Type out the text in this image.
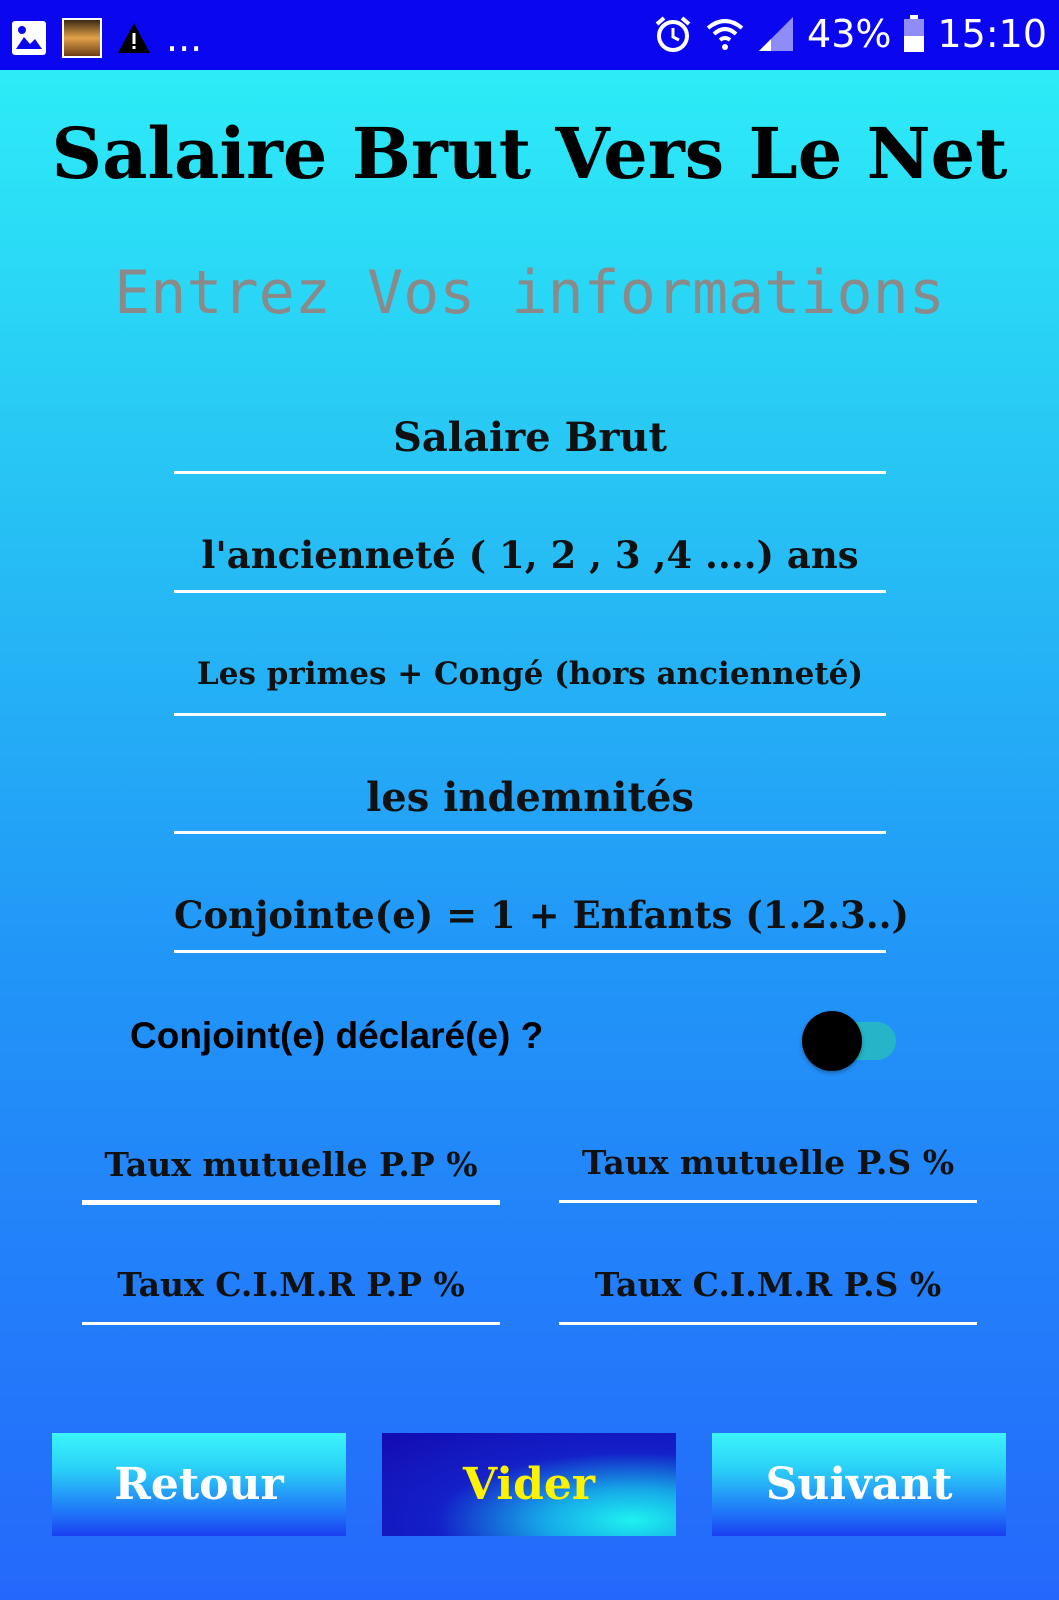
...	43% 15:10
Salaire Brut Vers Le Net
Entrez Vos informations
Salaire Brut
l'ancienneté ( 1, 2 , 3 ,4 ....) ans
Les primes + Congé (hors ancienneté)
les indemnités
Conjointe(e) = 1 + Enfants (1.2.3..)
Conjoint(e) déclaré(e) ?
Taux mutuelle P.P %	Taux mutuelle P.S %
Taux C.I.M.R P.P %	Taux C.I.M.R P.S %
Retour	Vider	Suivant
